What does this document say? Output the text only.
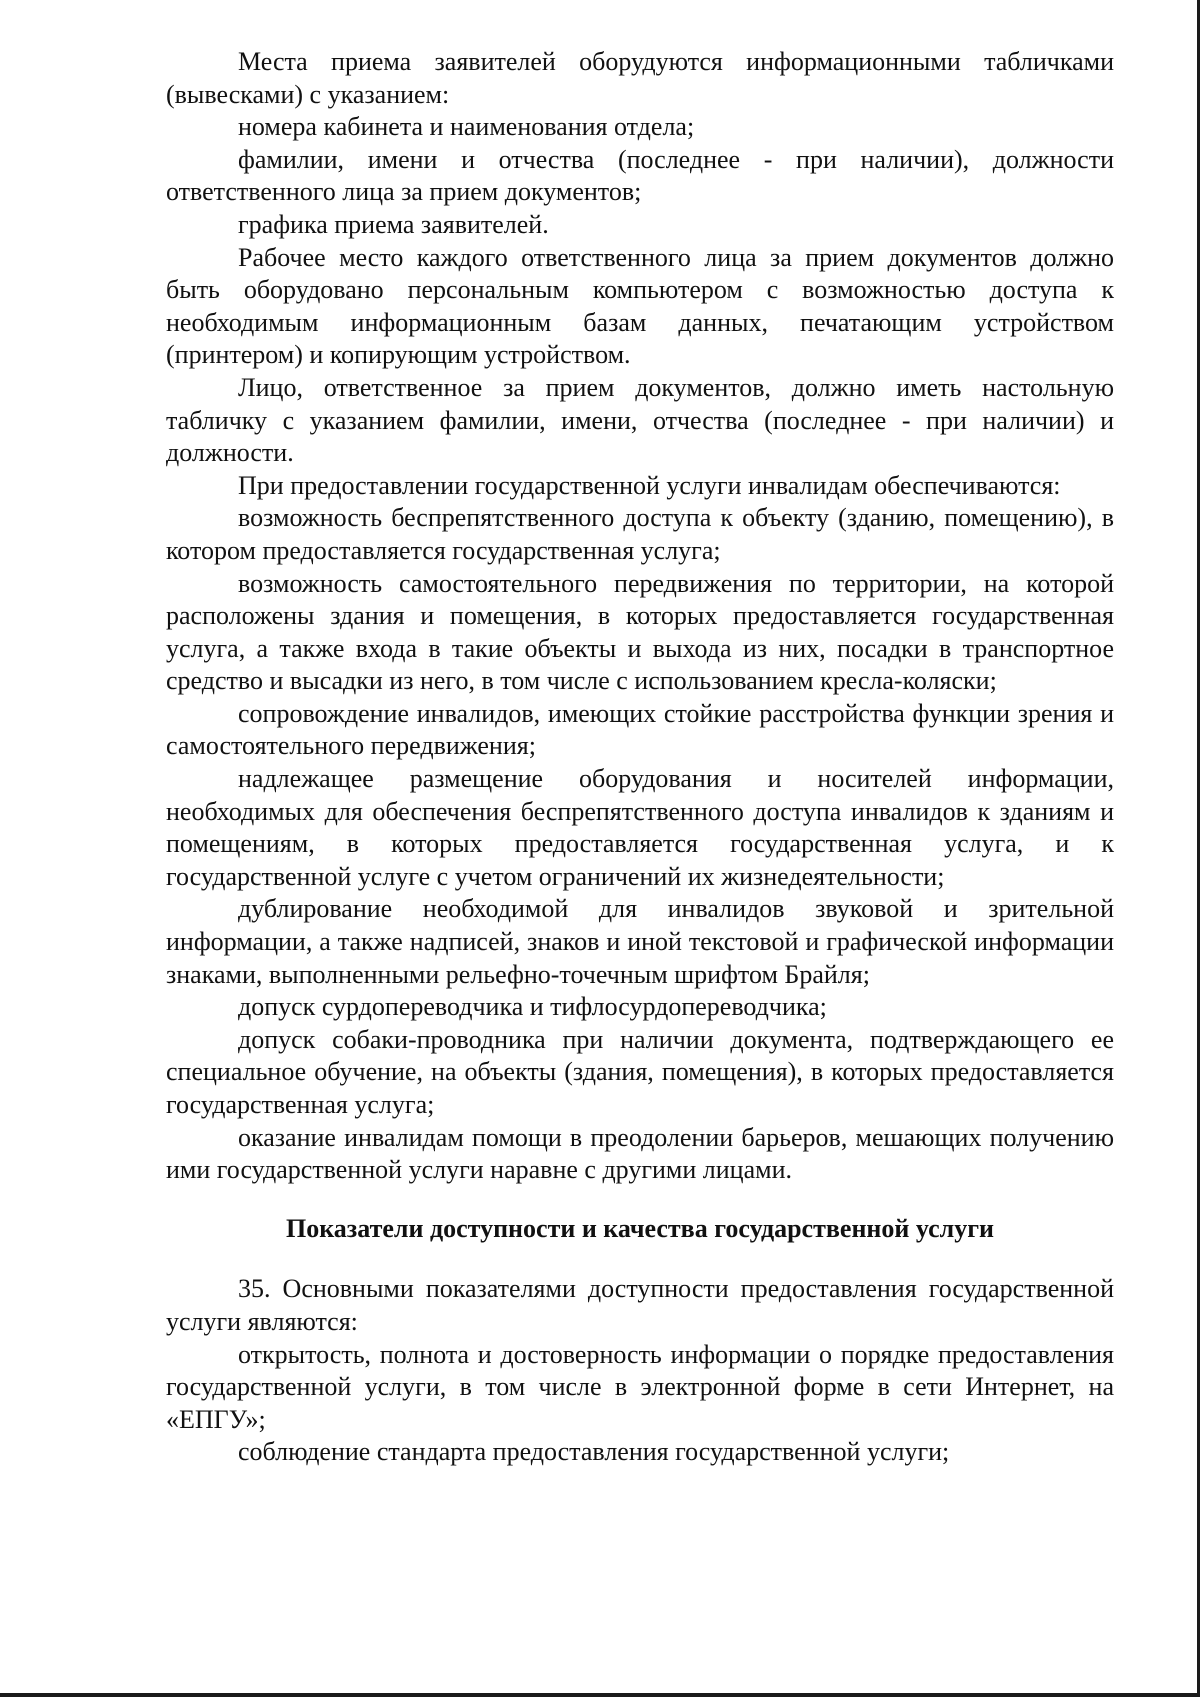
Места приема заявителей оборудуются информационными табличками (вывесками) с указанием:

номера кабинета и наименования отдела;

фамилии, имени и отчества (последнее - при наличии), должности ответственного лица за прием документов;

графика приема заявителей.

Рабочее место каждого ответственного лица за прием документов должно быть оборудовано персональным компьютером с возможностью доступа к необходимым информационным базам данных, печатающим устройством (принтером) и копирующим устройством.

Лицо, ответственное за прием документов, должно иметь настольную табличку с указанием фамилии, имени, отчества (последнее - при наличии) и должности.

При предоставлении государственной услуги инвалидам обеспечиваются:

возможность беспрепятственного доступа к объекту (зданию, помещению), в котором предоставляется государственная услуга;

возможность самостоятельного передвижения по территории, на которой расположены здания и помещения, в которых предоставляется государственная услуга, а также входа в такие объекты и выхода из них, посадки в транспортное средство и высадки из него, в том числе с использованием кресла-коляски;

сопровождение инвалидов, имеющих стойкие расстройства функции зрения и самостоятельного передвижения;

надлежащее размещение оборудования и носителей информации, необходимых для обеспечения беспрепятственного доступа инвалидов к зданиям и помещениям, в которых предоставляется государственная услуга, и к государственной услуге с учетом ограничений их жизнедеятельности;

дублирование необходимой для инвалидов звуковой и зрительной информации, а также надписей, знаков и иной текстовой и графической информации знаками, выполненными рельефно-точечным шрифтом Брайля;

допуск сурдопереводчика и тифлосурдопереводчика;

допуск собаки-проводника при наличии документа, подтверждающего ее специальное обучение, на объекты (здания, помещения), в которых предоставляется государственная услуга;

оказание инвалидам помощи в преодолении барьеров, мешающих получению ими государственной услуги наравне с другими лицами.

Показатели доступности и качества государственной услуги

35. Основными показателями доступности предоставления государственной услуги являются:

открытость, полнота и достоверность информации о порядке предоставления государственной услуги, в том числе в электронной форме в сети Интернет, на «ЕПГУ»;

соблюдение стандарта предоставления государственной услуги;
